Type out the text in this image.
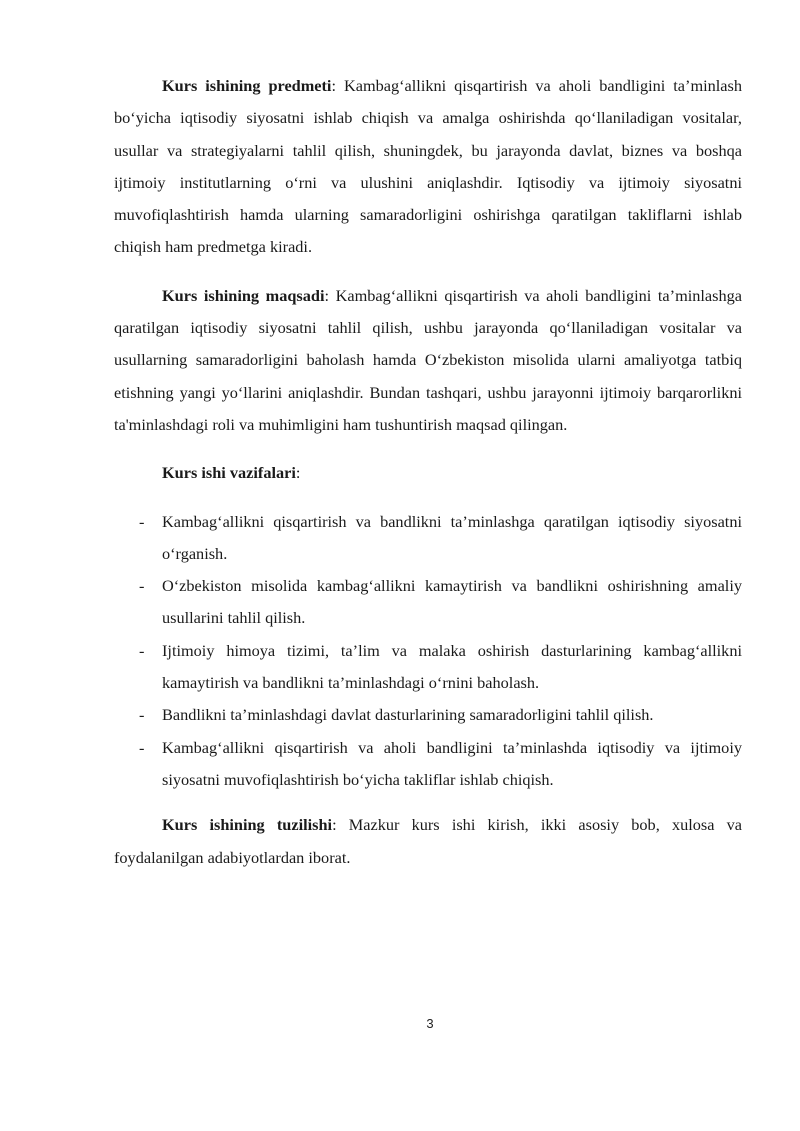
Kurs ishining predmeti: Kambag‘allikni qisqartirish va aholi bandligini ta’minlash bo‘yicha iqtisodiy siyosatni ishlab chiqish va amalga oshirishda qo‘llaniladigan vositalar, usullar va strategiyalarni tahlil qilish, shuningdek, bu jarayonda davlat, biznes va boshqa ijtimoiy institutlarning o‘rni va ulushini aniqlashdir. Iqtisodiy va ijtimoiy siyosatni muvofiqlashtirish hamda ularning samaradorligini oshirishga qaratilgan takliflarni ishlab chiqish ham predmetga kiradi.

Kurs ishining maqsadi: Kambag‘allikni qisqartirish va aholi bandligini ta’minlashga qaratilgan iqtisodiy siyosatni tahlil qilish, ushbu jarayonda qo‘llaniladigan vositalar va usullarning samaradorligini baholash hamda O‘zbekiston misolida ularni amaliyotga tatbiq etishning yangi yo‘llarini aniqlashdir. Bundan tashqari, ushbu jarayonni ijtimoiy barqarorlikni ta'minlashdagi roli va muhimligini ham tushuntirish maqsad qilingan.

Kurs ishi vazifalari:

- Kambag‘allikni qisqartirish va bandlikni ta’minlashga qaratilgan iqtisodiy siyosatni o‘rganish.
- O‘zbekiston misolida kambag‘allikni kamaytirish va bandlikni oshirishning amaliy usullarini tahlil qilish.
- Ijtimoiy himoya tizimi, ta’lim va malaka oshirish dasturlarining kambag‘allikni kamaytirish va bandlikni ta’minlashdagi o‘rnini baholash.
- Bandlikni ta’minlashdagi davlat dasturlarining samaradorligini tahlil qilish.
- Kambag‘allikni qisqartirish va aholi bandligini ta’minlashda iqtisodiy va ijtimoiy siyosatni muvofiqlashtirish bo‘yicha takliflar ishlab chiqish.

Kurs ishining tuzilishi: Mazkur kurs ishi kirish, ikki asosiy bob, xulosa va foydalanilgan adabiyotlardan iborat.

3
